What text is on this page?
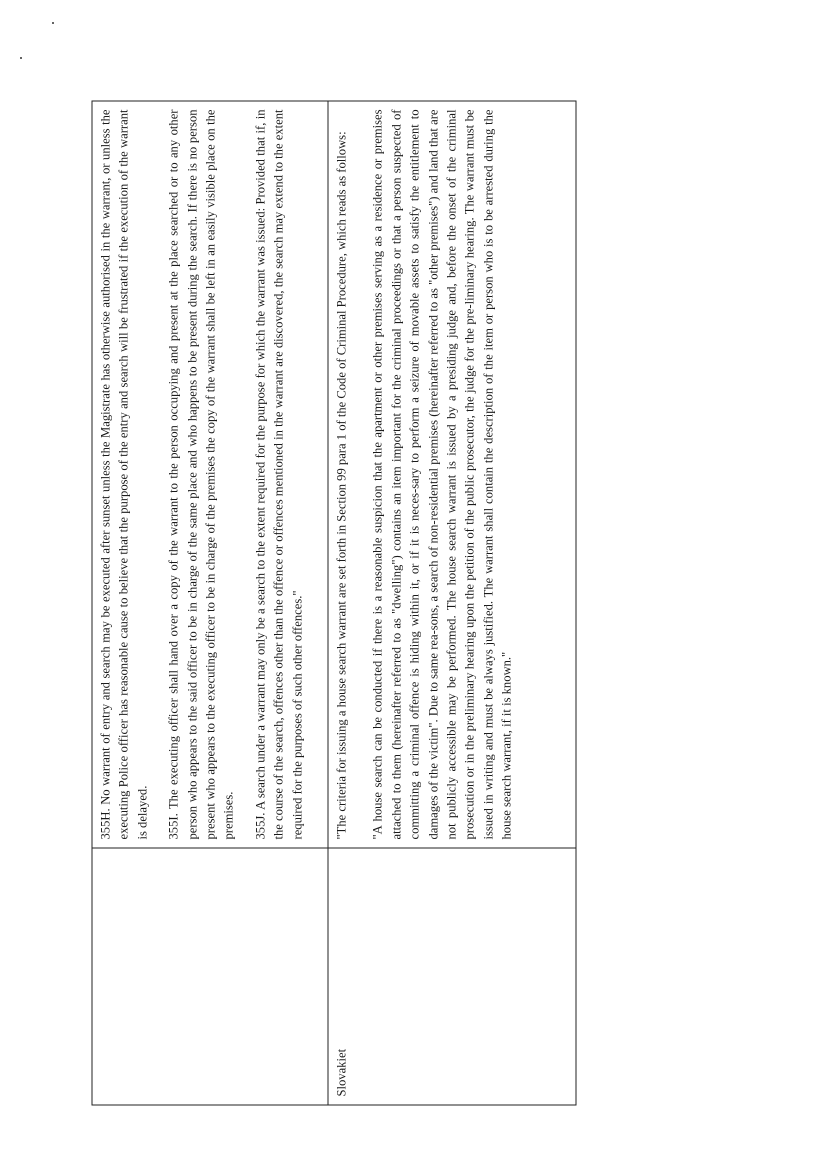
	355H. No warrant of entry and search may be executed after sunset unless the Magistrate has otherwise authorised in the warrant, or unless the executing Police officer has reasonable cause to believe that the purpose of the entry and search will be frustrated if the execution of the warrant is delayed. 355I. The executing officer shall hand over a copy of the warrant to the person occupying and present at the place searched or to any other person who appears to the said officer to be in charge of the same place and who happens to be present during the search. If there is no person present who appears to the executing officer to be in charge of the premises the copy of the warrant shall be left in an easily visible place on the premises. 355J. A search under a warrant may only be a search to the extent required for the purpose for which the warrant was issued: Provided that if, in the course of the search, offences other than the offence or offences mentioned in the warrant are discovered, the search may extend to the extent required for the purposes of such other offences."

Slovakiet	"The criteria for issuing a house search warrant are set forth in Section 99 para 1 of the Code of Criminal Procedure, which reads as follows: "A house search can be conducted if there is a reasonable suspicion that the apartment or other premises serving as a residence or premises attached to them (hereinafter referred to as "dwelling") contains an item important for the criminal proceedings or that a person suspected of committing a criminal offence is hiding within it, or if it is neces-sary to perform a seizure of movable assets to satisfy the entitlement to damages of the victim". Due to same rea-sons, a search of non-residential premises (hereinafter referred to as "other premises") and land that are not publicly accessible may be performed. The house search warrant is issued by a presiding judge and, before the onset of the criminal prosecution or in the preliminary hearing upon the petition of the public prosecutor, the judge for the pre-liminary hearing. The warrant must be issued in writing and must be always justified. The warrant shall contain the description of the item or person who is to be arrested during the house search warrant, if it is known."
